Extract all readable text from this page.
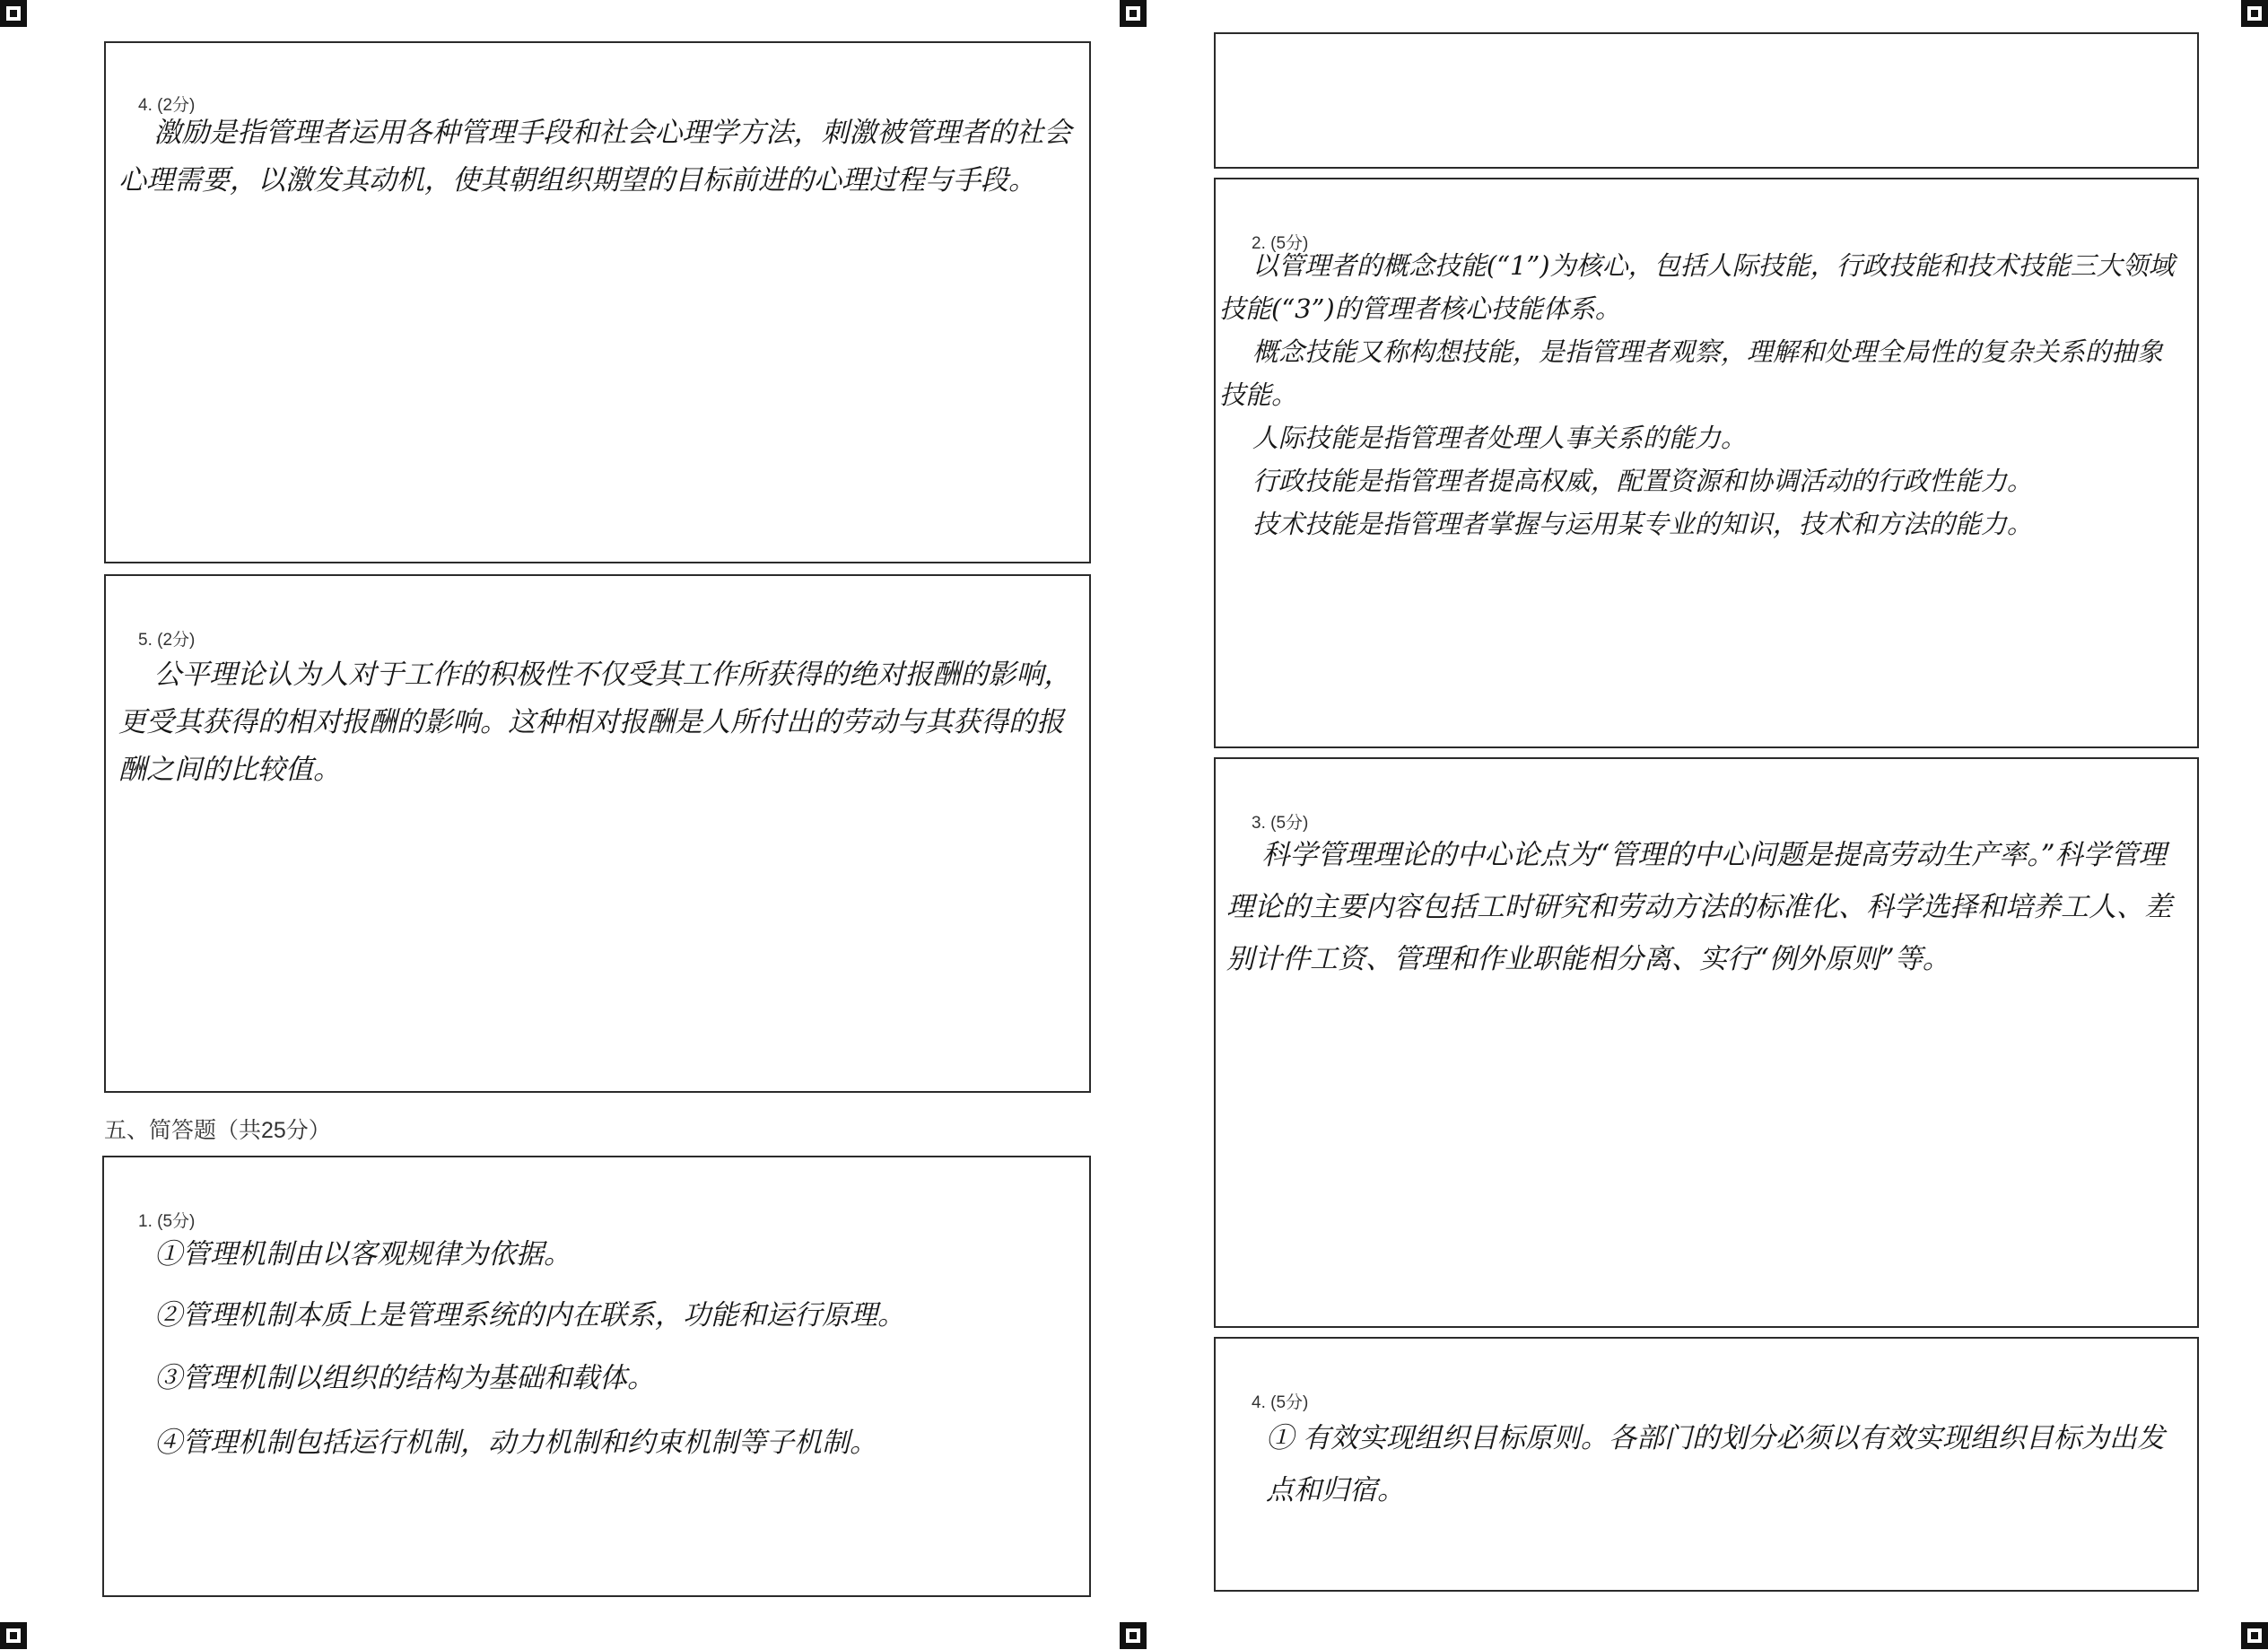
4. (2分)
激励是指管理者运用各种管理手段和社会心理学方法，刺激被管理者的社会心理需要，以激发其动机，使其朝组织期望的目标前进的心理过程与手段。
5. (2分)
公平理论认为人对于工作的积极性不仅受其工作所获得的绝对报酬的影响，更受其获得的相对报酬的影响。这种相对报酬是人所付出的劳动与其获得的报酬之间的比较值。
五、简答题（共25分）
1. (5分)
①管理机制由以客观规律为依据。
②管理机制本质上是管理系统的内在联系，功能和运行原理。
③管理机制以组织的结构为基础和载体。
④管理机制包括运行机制，动力机制和约束机制等子机制。
2. (5分)
以管理者的概念技能(“1”)为核心，包括人际技能，行政技能和技术技能三大领域技能(“3”)的管理者核心技能体系。
概念技能又称构想技能，是指管理者观察，理解和处理全局性的复杂关系的抽象技能。
人际技能是指管理者处理人事关系的能力。
行政技能是指管理者提高权威，配置资源和协调活动的行政性能力。
技术技能是指管理者掌握与运用某专业的知识，技术和方法的能力。
3. (5分)
科学管理理论的中心论点为“管理的中心问题是提高劳动生产率。”科学管理理论的主要内容包括工时研究和劳动方法的标准化、科学选择和培养工人、差别计件工资、管理和作业职能相分离、实行“例外原则”等。
4. (5分)
① 有效实现组织目标原则。各部门的划分必须以有效实现组织目标为出发点和归宿。
